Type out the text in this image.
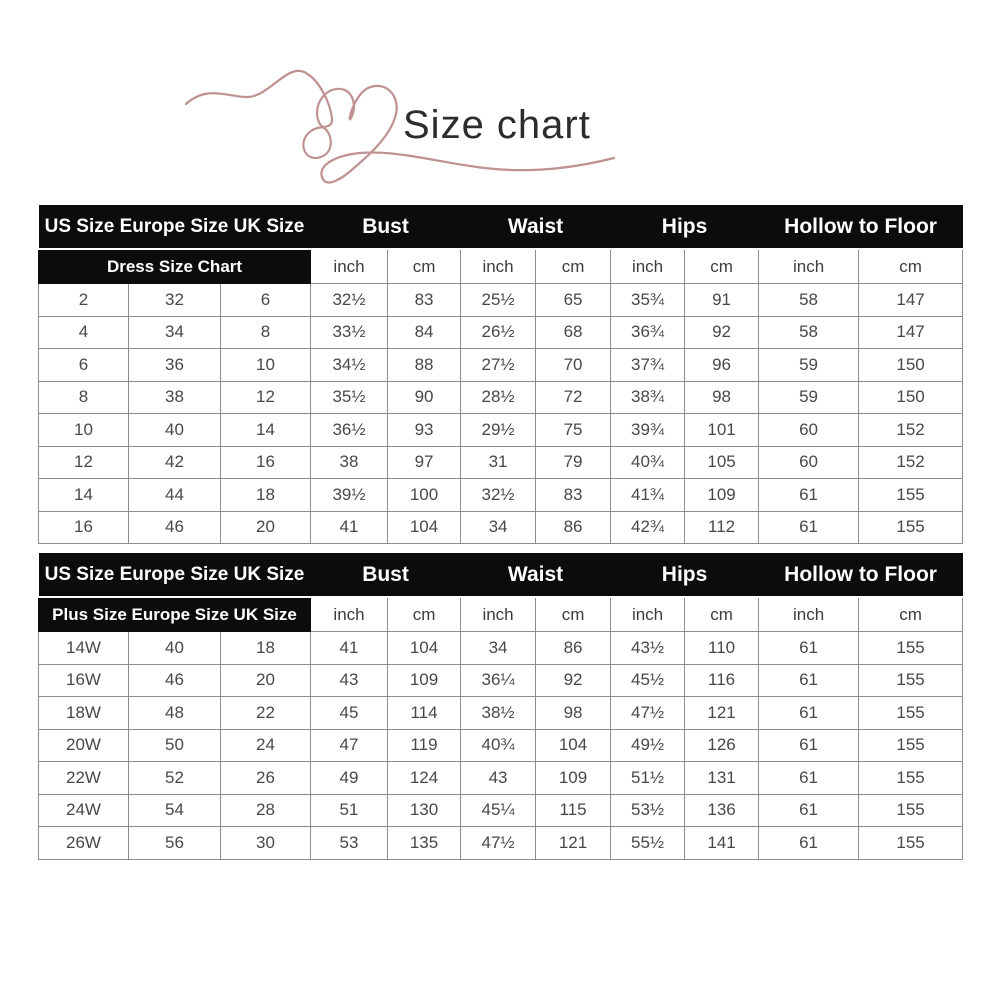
Size chart
US Size Europe Size UK Size			Bust		Waist		Hips		Hollow to Floor	
Dress Size Chart			inch	cm	inch	cm	inch	cm	inch	cm
2	32	6	32½	83	25½	65	35¾	91	58	147
4	34	8	33½	84	26½	68	36¾	92	58	147
6	36	10	34½	88	27½	70	37¾	96	59	150
8	38	12	35½	90	28½	72	38¾	98	59	150
10	40	14	36½	93	29½	75	39¾	101	60	152
12	42	16	38	97	31	79	40¾	105	60	152
14	44	18	39½	100	32½	83	41¾	109	61	155
16	46	20	41	104	34	86	42¾	112	61	155
US Size Europe Size UK Size			Bust		Waist		Hips		Hollow to Floor	
Plus Size Europe Size UK Size			inch	cm	inch	cm	inch	cm	inch	cm
14W	40	18	41	104	34	86	43½	110	61	155
16W	46	20	43	109	36¼	92	45½	116	61	155
18W	48	22	45	114	38½	98	47½	121	61	155
20W	50	24	47	119	40¾	104	49½	126	61	155
22W	52	26	49	124	43	109	51½	131	61	155
24W	54	28	51	130	45¼	115	53½	136	61	155
26W	56	30	53	135	47½	121	55½	141	61	155
